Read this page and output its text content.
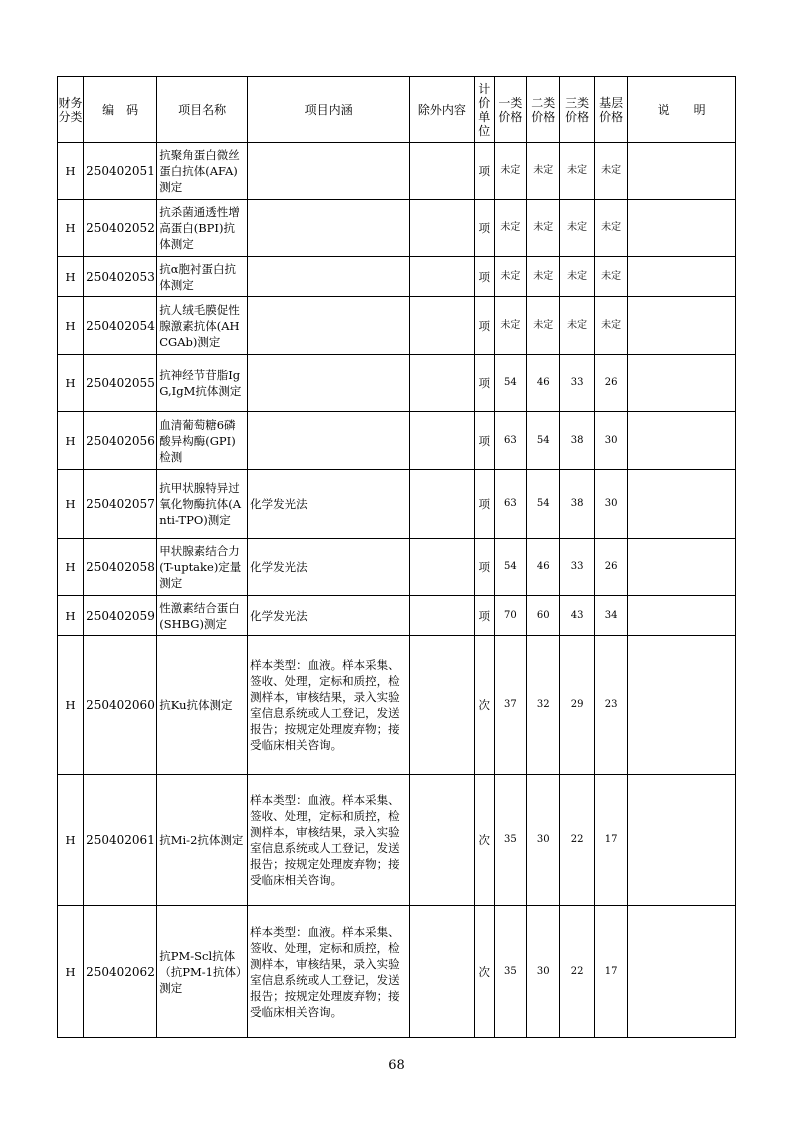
财务分类	编　码	项目名称	项目内涵	除外内容	计价单位	一类价格	二类价格	三类价格	基层价格	说　　明
H	250402051	抗聚角蛋白微丝蛋白抗体(AFA)测定			项	未定	未定	未定	未定	
H	250402052	抗杀菌通透性增高蛋白(BPI)抗体测定			项	未定	未定	未定	未定	
H	250402053	抗α胞衬蛋白抗体测定			项	未定	未定	未定	未定	
H	250402054	抗人绒毛膜促性腺激素抗体(AHCGAb)测定			项	未定	未定	未定	未定	
H	250402055	抗神经节苷脂IgG,IgM抗体测定			项	54	46	33	26	
H	250402056	血清葡萄糖6磷酸异构酶(GPI)检测			项	63	54	38	30	
H	250402057	抗甲状腺特异过氧化物酶抗体(Anti-TPO)测定	化学发光法		项	63	54	38	30	
H	250402058	甲状腺素结合力(T-uptake)定量测定	化学发光法		项	54	46	33	26	
H	250402059	性激素结合蛋白(SHBG)测定	化学发光法		项	70	60	43	34	
H	250402060	抗Ku抗体测定	样本类型：血液。样本采集、签收、处理，定标和质控，检测样本，审核结果，录入实验室信息系统或人工登记，发送报告；按规定处理废弃物；接受临床相关咨询。		次	37	32	29	23	
H	250402061	抗Mi-2抗体测定	样本类型：血液。样本采集、签收、处理，定标和质控，检测样本，审核结果，录入实验室信息系统或人工登记，发送报告；按规定处理废弃物；接受临床相关咨询。		次	35	30	22	17	
H	250402062	抗PM-Scl抗体（抗PM-1抗体）测定	样本类型：血液。样本采集、签收、处理，定标和质控，检测样本，审核结果，录入实验室信息系统或人工登记，发送报告；按规定处理废弃物；接受临床相关咨询。		次	35	30	22	17	
68
